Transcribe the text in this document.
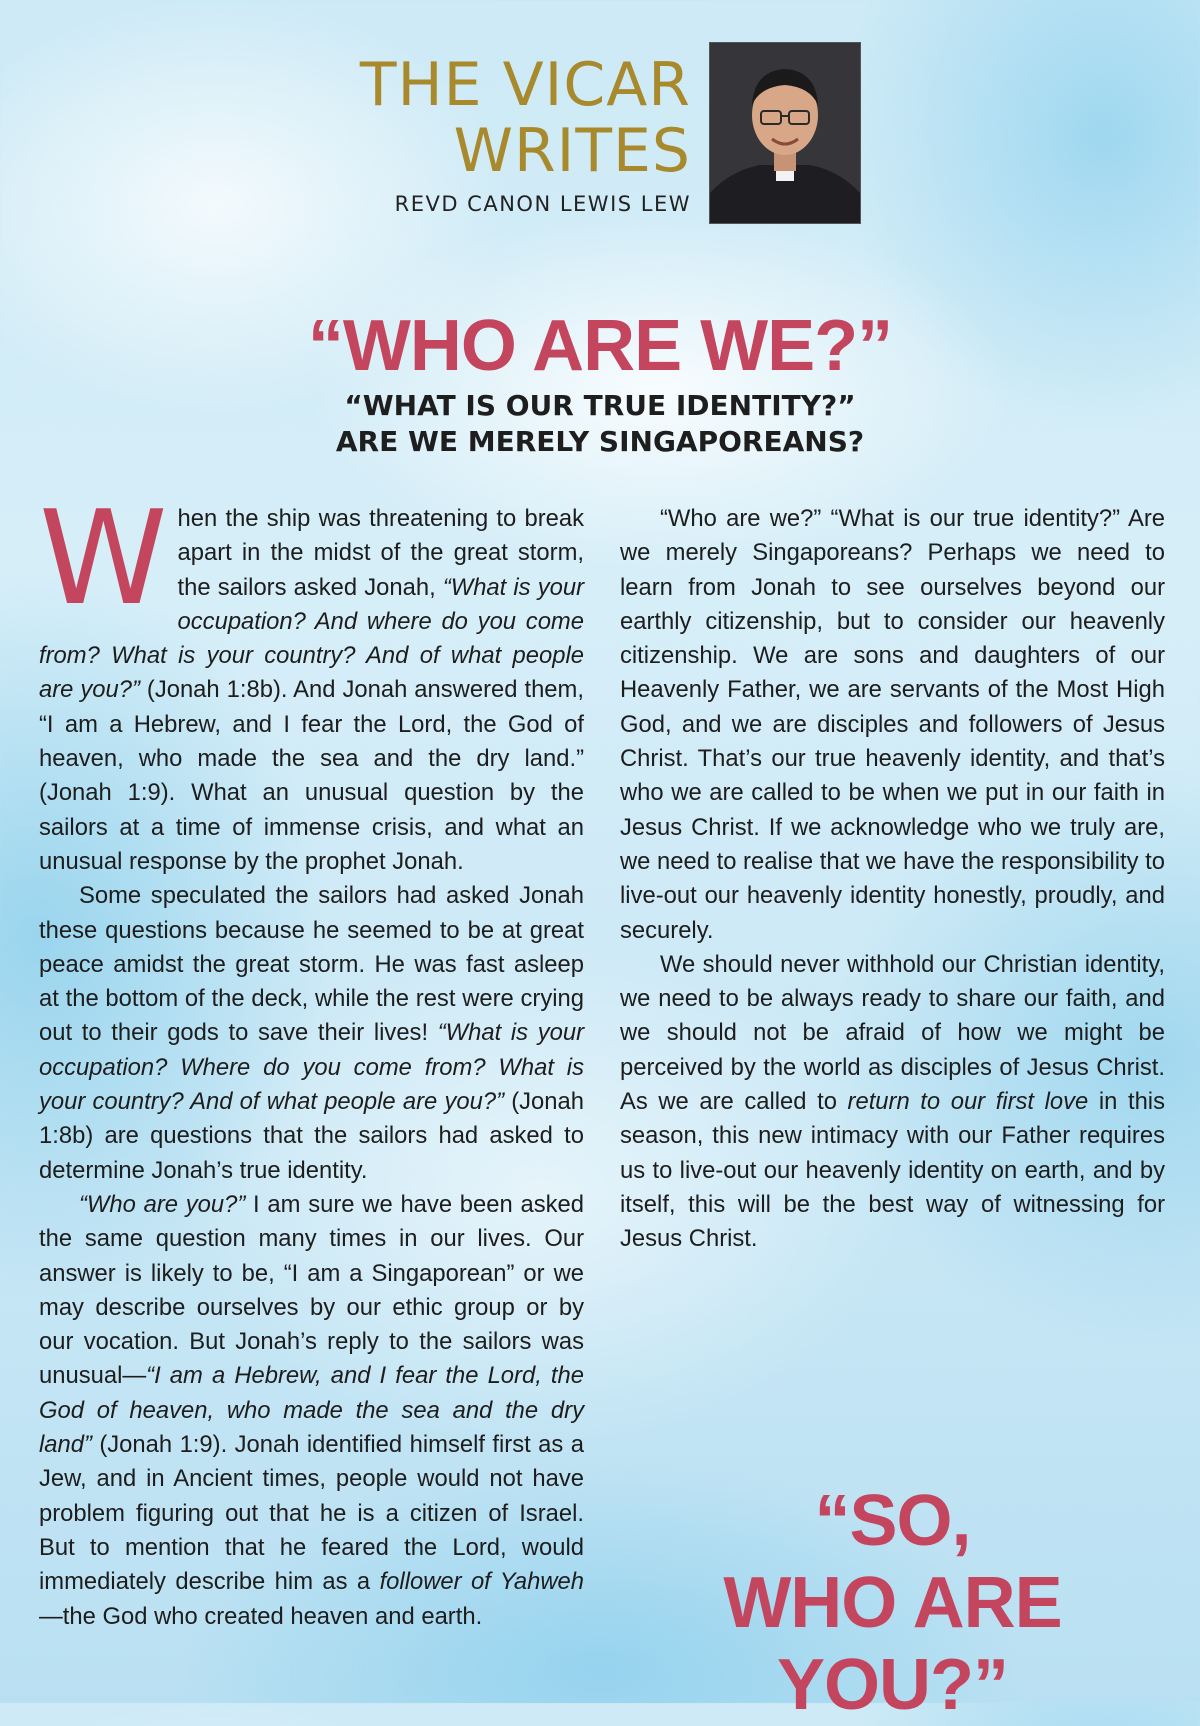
THE VICAR
WRITES
REVD CANON LEWIS LEW
“WHO ARE WE?”
“WHAT IS OUR TRUE IDENTITY?”
ARE WE MERELY SINGAPOREANS?

When the ship was threatening to break apart in the midst of the great storm, the sailors asked Jonah, “What is your occupation? And where do you come from? What is your country? And of what people are you?” (Jonah 1:8b). And Jonah answered them, “I am a Hebrew, and I fear the Lord, the God of heaven, who made the sea and the dry land.” (Jonah 1:9). What an unusual question by the sailors at a time of immense crisis, and what an unusual response by the prophet Jonah.

Some speculated the sailors had asked Jonah these questions because he seemed to be at great peace amidst the great storm. He was fast asleep at the bottom of the deck, while the rest were crying out to their gods to save their lives! “What is your occupation? Where do you come from? What is your country? And of what people are you?” (Jonah 1:8b) are questions that the sailors had asked to determine Jonah’s true identity.

“Who are you?” I am sure we have been asked the same question many times in our lives. Our answer is likely to be, “I am a Singaporean” or we may describe ourselves by our ethic group or by our vocation. But Jonah’s reply to the sailors was unusual—“I am a Hebrew, and I fear the Lord, the God of heaven, who made the sea and the dry land” (Jonah 1:9). Jonah identified himself first as a Jew, and in Ancient times, people would not have problem figuring out that he is a citizen of Israel. But to mention that he feared the Lord, would immediately describe him as a follower of Yahweh—the God who created heaven and earth.

“Who are we?” “What is our true identity?” Are we merely Singaporeans? Perhaps we need to learn from Jonah to see ourselves beyond our earthly citizenship, but to consider our heavenly citizenship. We are sons and daughters of our Heavenly Father, we are servants of the Most High God, and we are disciples and followers of Jesus Christ. That’s our true heavenly identity, and that’s who we are called to be when we put in our faith in Jesus Christ. If we acknowledge who we truly are, we need to realise that we have the responsibility to live-out our heavenly identity honestly, proudly, and securely.

We should never withhold our Christian identity, we need to be always ready to share our faith, and we should not be afraid of how we might be perceived by the world as disciples of Jesus Christ. As we are called to return to our first love in this season, this new intimacy with our Father requires us to live-out our heavenly identity on earth, and by itself, this will be the best way of witnessing for Jesus Christ.

“SO,
WHO ARE YOU?”
